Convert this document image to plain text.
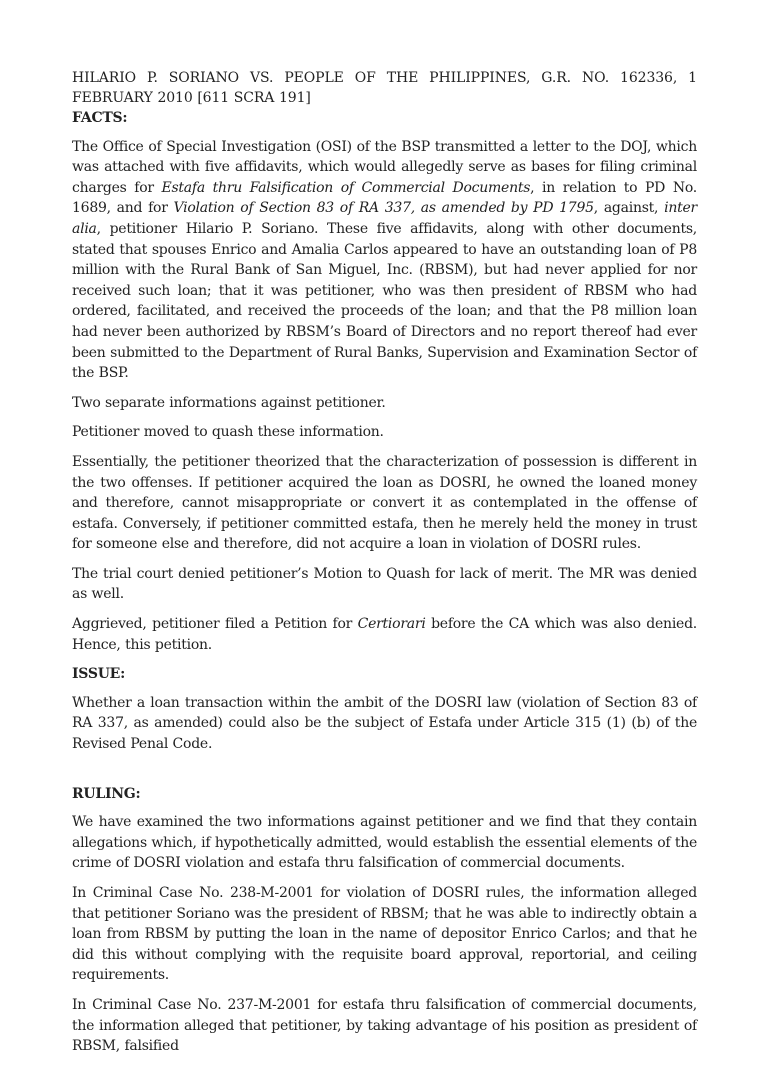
HILARIO P. SORIANO VS. PEOPLE OF THE PHILIPPINES, G.R. NO. 162336, 1 FEBRUARY 2010 [611 SCRA 191]

FACTS:

The Office of Special Investigation (OSI) of the BSP transmitted a letter to the DOJ, which was attached with five affidavits, which would allegedly serve as bases for filing criminal charges for Estafa thru Falsification of Commercial Documents, in relation to PD No. 1689, and for Violation of Section 83 of RA 337, as amended by PD 1795, against, inter alia, petitioner Hilario P. Soriano. These five affidavits, along with other documents, stated that spouses Enrico and Amalia Carlos appeared to have an outstanding loan of P8 million with the Rural Bank of San Miguel, Inc. (RBSM), but had never applied for nor received such loan; that it was petitioner, who was then president of RBSM who had ordered, facilitated, and received the proceeds of the loan; and that the P8 million loan had never been authorized by RBSM’s Board of Directors and no report thereof had ever been submitted to the Department of Rural Banks, Supervision and Examination Sector of the BSP.

Two separate informations against petitioner.

Petitioner moved to quash these information.

Essentially, the petitioner theorized that the characterization of possession is different in the two offenses. If petitioner acquired the loan as DOSRI, he owned the loaned money and therefore, cannot misappropriate or convert it as contemplated in the offense of estafa. Conversely, if petitioner committed estafa, then he merely held the money in trust for someone else and therefore, did not acquire a loan in violation of DOSRI rules.

The trial court denied petitioner’s Motion to Quash for lack of merit. The MR was denied as well.

Aggrieved, petitioner filed a Petition for Certiorari before the CA which was also denied. Hence, this petition.

ISSUE:

Whether a loan transaction within the ambit of the DOSRI law (violation of Section 83 of RA 337, as amended) could also be the subject of Estafa under Article 315 (1) (b) of the Revised Penal Code.

RULING:

We have examined the two informations against petitioner and we find that they contain allegations which, if hypothetically admitted, would establish the essential elements of the crime of DOSRI violation and estafa thru falsification of commercial documents.

In Criminal Case No. 238-M-2001 for violation of DOSRI rules, the information alleged that petitioner Soriano was the president of RBSM; that he was able to indirectly obtain a loan from RBSM by putting the loan in the name of depositor Enrico Carlos; and that he did this without complying with the requisite board approval, reportorial, and ceiling requirements.

In Criminal Case No. 237-M-2001 for estafa thru falsification of commercial documents, the information alleged that petitioner, by taking advantage of his position as president of RBSM, falsified
